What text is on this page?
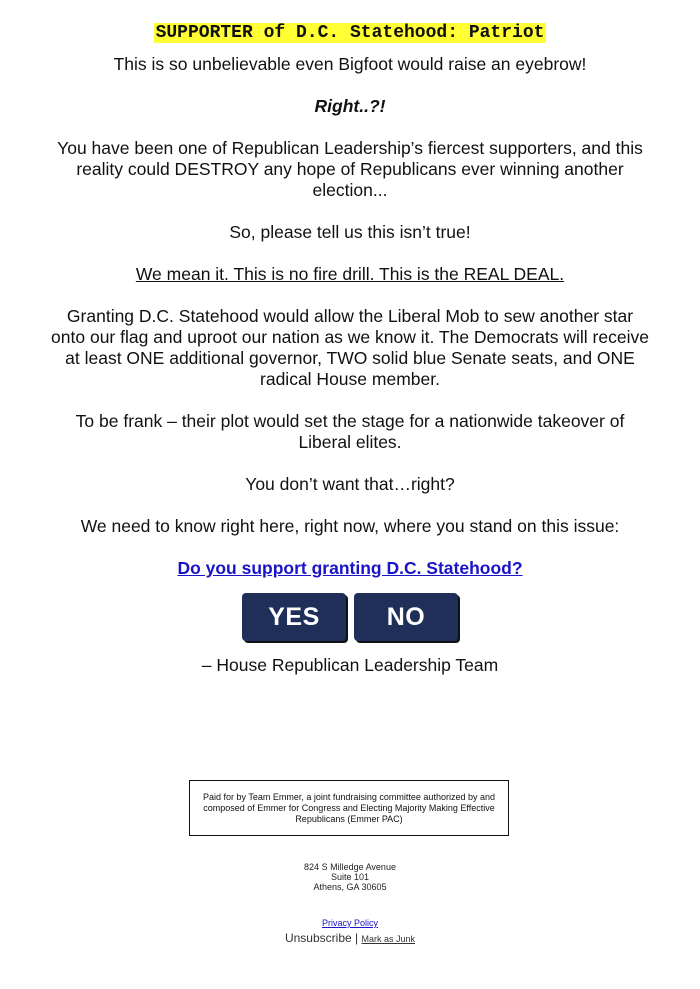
SUPPORTER of D.C. Statehood: Patriot

This is so unbelievable even Bigfoot would raise an eyebrow!

Right..?!

You have been one of Republican Leadership’s fiercest supporters, and this reality could DESTROY any hope of Republicans ever winning another election...

So, please tell us this isn’t true!

We mean it. This is no fire drill. This is the REAL DEAL.

Granting D.C. Statehood would allow the Liberal Mob to sew another star onto our flag and uproot our nation as we know it. The Democrats will receive at least ONE additional governor, TWO solid blue Senate seats, and ONE radical House member.

To be frank – their plot would set the stage for a nationwide takeover of Liberal elites.

You don’t want that…right?

We need to know right here, right now, where you stand on this issue:

Do you support granting D.C. Statehood?

YES	NO

– House Republican Leadership Team

Paid for by Team Emmer, a joint fundraising committee authorized by and composed of Emmer for Congress and Electing Majority Making Effective Republicans (Emmer PAC)
824 S Milledge Avenue
Suite 101
Athens, GA 30605
Privacy Policy
Unsubscribe | Mark as Junk
